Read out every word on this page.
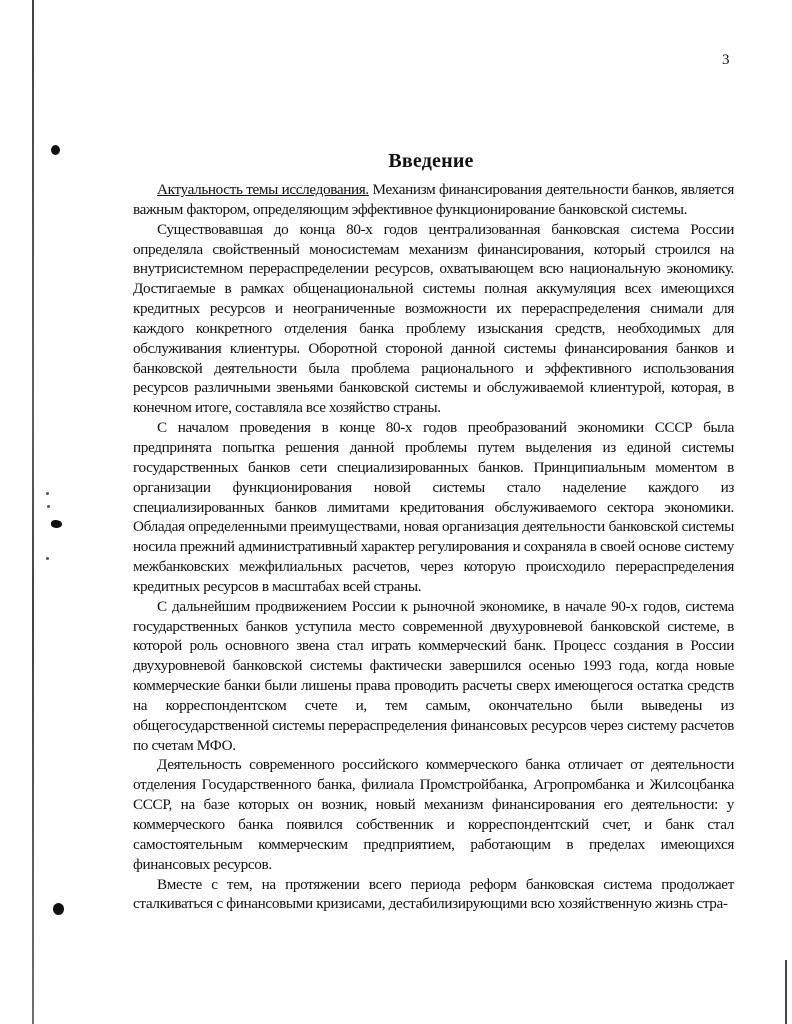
3
Введение

Актуальность темы исследования. Механизм финансирования деятельности банков, является важным фактором, определяющим эффективное функционирование банковской системы.

Существовавшая до конца 80-х годов централизованная банковская система России определяла свойственный моносистемам механизм финансирования, который строился на внутрисистемном перераспределении ресурсов, охватывающем всю национальную экономику. Достигаемые в рамках общенациональной системы полная аккумуляция всех имеющихся кредитных ресурсов и неограниченные возможности их перераспределения снимали для каждого конкретного отделения банка проблему изыскания средств, необходимых для обслуживания клиентуры. Оборотной стороной данной системы финансирования банков и банковской деятельности была проблема рационального и эффективного использования ресурсов различными звеньями банковской системы и обслуживаемой клиентурой, которая, в конечном итоге, составляла все хозяйство страны.

С началом проведения в конце 80-х годов преобразований экономики СССР была предпринята попытка решения данной проблемы путем выделения из единой системы государственных банков сети специализированных банков. Принципиальным моментом в организации функционирования новой системы стало наделение каждого из специализированных банков лимитами кредитования обслуживаемого сектора экономики. Обладая определенными преимуществами, новая организация деятельности банковской системы носила прежний административный характер регулирования и сохраняла в своей основе систему межбанковских межфилиальных расчетов, через которую происходило перераспределения кредитных ресурсов в масштабах всей страны.

С дальнейшим продвижением России к рыночной экономике, в начале 90-х годов, система государственных банков уступила место современной двухуровневой банковской системе, в которой роль основного звена стал играть коммерческий банк. Процесс создания в России двухуровневой банковской системы фактически завершился осенью 1993 года, когда новые коммерческие банки были лишены права проводить расчеты сверх имеющегося остатка средств на корреспондентском счете и, тем самым, окончательно были выведены из общегосударственной системы перераспределения финансовых ресурсов через систему расчетов по счетам МФО.

Деятельность современного российского коммерческого банка отличает от деятельности отделения Государственного банка, филиала Промстройбанка, Агропромбанка и Жилсоцбанка СССР, на базе которых он возник, новый механизм финансирования его деятельности: у коммерческого банка появился собственник и корреспондентский счет, и банк стал самостоятельным коммерческим предприятием, работающим в пределах имеющихся финансовых ресурсов.

Вместе с тем, на протяжении всего периода реформ банковская система продолжает сталкиваться с финансовыми кризисами, дестабилизирующими всю хозяйственную жизнь стра-
